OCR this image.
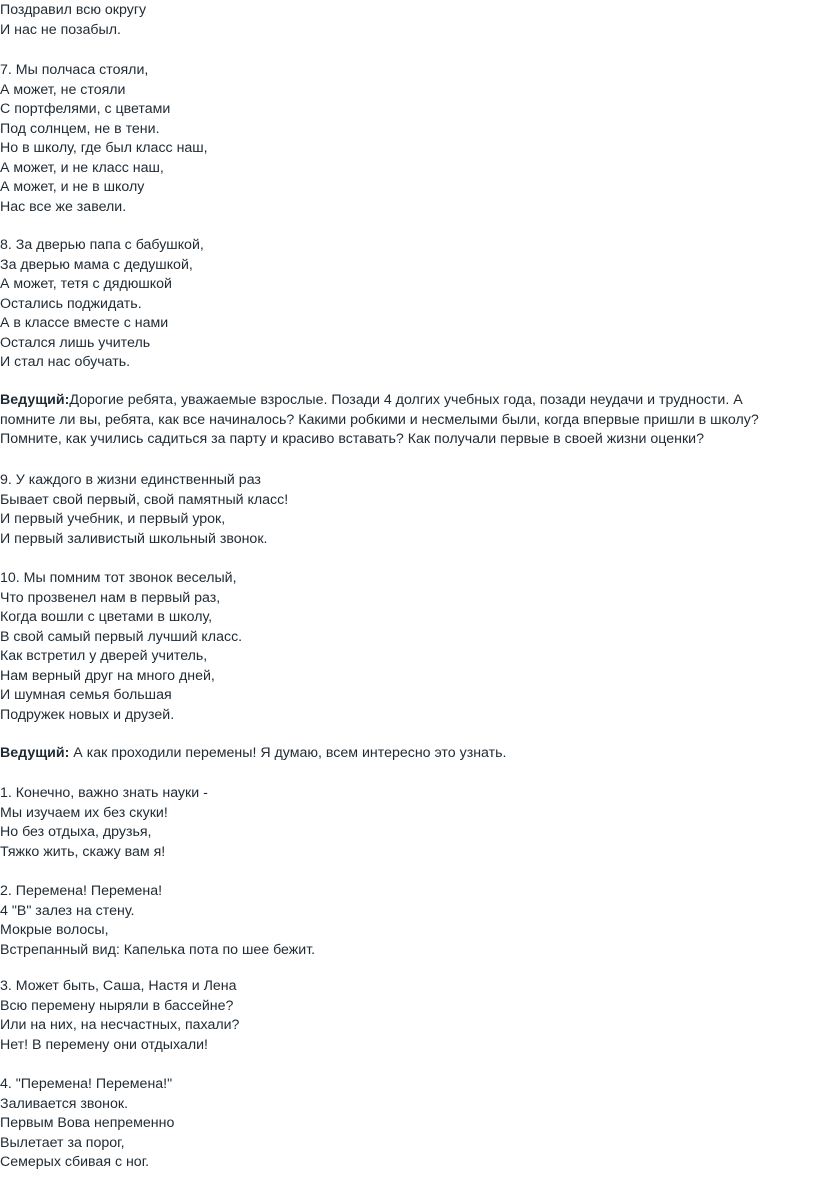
Поздравил всю округу
И нас не позабыл.
7. Мы полчаса стояли,
А может, не стояли
С портфелями, с цветами
Под солнцем, не в тени.
Но в школу, где был класс наш,
А может, и не класс наш,
А может, и не в школу
Нас все же завели.
8. За дверью папа с бабушкой,
За дверью мама с дедушкой,
А может, тетя с дядюшкой
Остались поджидать.
А в классе вместе с нами
Остался лишь учитель
И стал нас обучать.
Ведущий:Дорогие ребята, уважаемые взрослые. Позади 4 долгих учебных года, позади неудачи и трудности. А
помните ли вы, ребята, как все начиналось? Какими робкими и несмелыми были, когда впервые пришли в школу?
Помните, как учились садиться за парту и красиво вставать? Как получали первые в своей жизни оценки?
9. У каждого в жизни единственный раз
Бывает свой первый, свой памятный класс!
И первый учебник, и первый урок,
И первый заливистый школьный звонок.
10. Мы помним тот звонок веселый,
Что прозвенел нам в первый раз,
Когда вошли с цветами в школу,
В свой самый первый лучший класс.
Как встретил у дверей учитель,
Нам верный друг на много дней,
И шумная семья большая
Подружек новых и друзей.
Ведущий: А как проходили перемены! Я думаю, всем интересно это узнать.
1. Конечно, важно знать науки -
Мы изучаем их без скуки!
Но без отдыха, друзья,
Тяжко жить, скажу вам я!
2. Перемена! Перемена!
4 "В" залез на стену.
Мокрые волосы,
Встрепанный вид: Капелька пота по шее бежит.
3. Может быть, Саша, Настя и Лена
Всю перемену ныряли в бассейне?
Или на них, на несчастных, пахали?
Нет! В перемену они отдыхали!
4. "Перемена! Перемена!"
Заливается звонок.
Первым Вова непременно
Вылетает за порог,
Семерых сбивая с ног.
